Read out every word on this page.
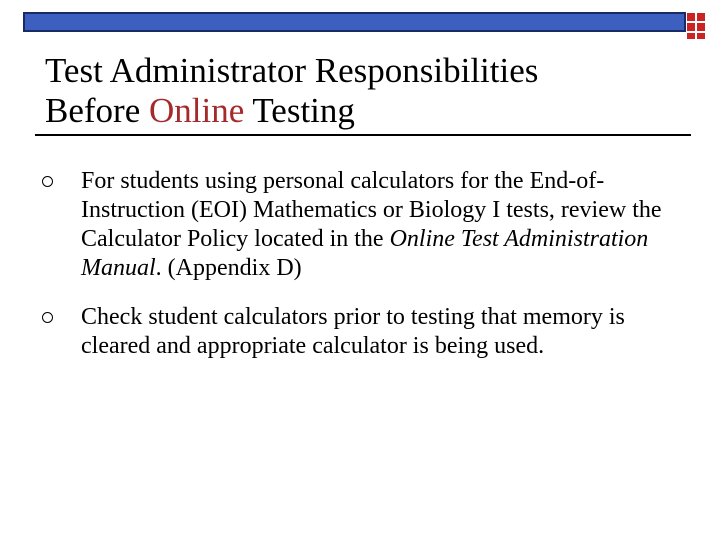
Test Administrator Responsibilities
Before Online Testing
For students using personal calculators for the End-of-Instruction (EOI) Mathematics or Biology I tests, review the Calculator Policy located in the Online Test Administration Manual. (Appendix D)
Check student calculators prior to testing that memory is cleared and appropriate calculator is being used.
